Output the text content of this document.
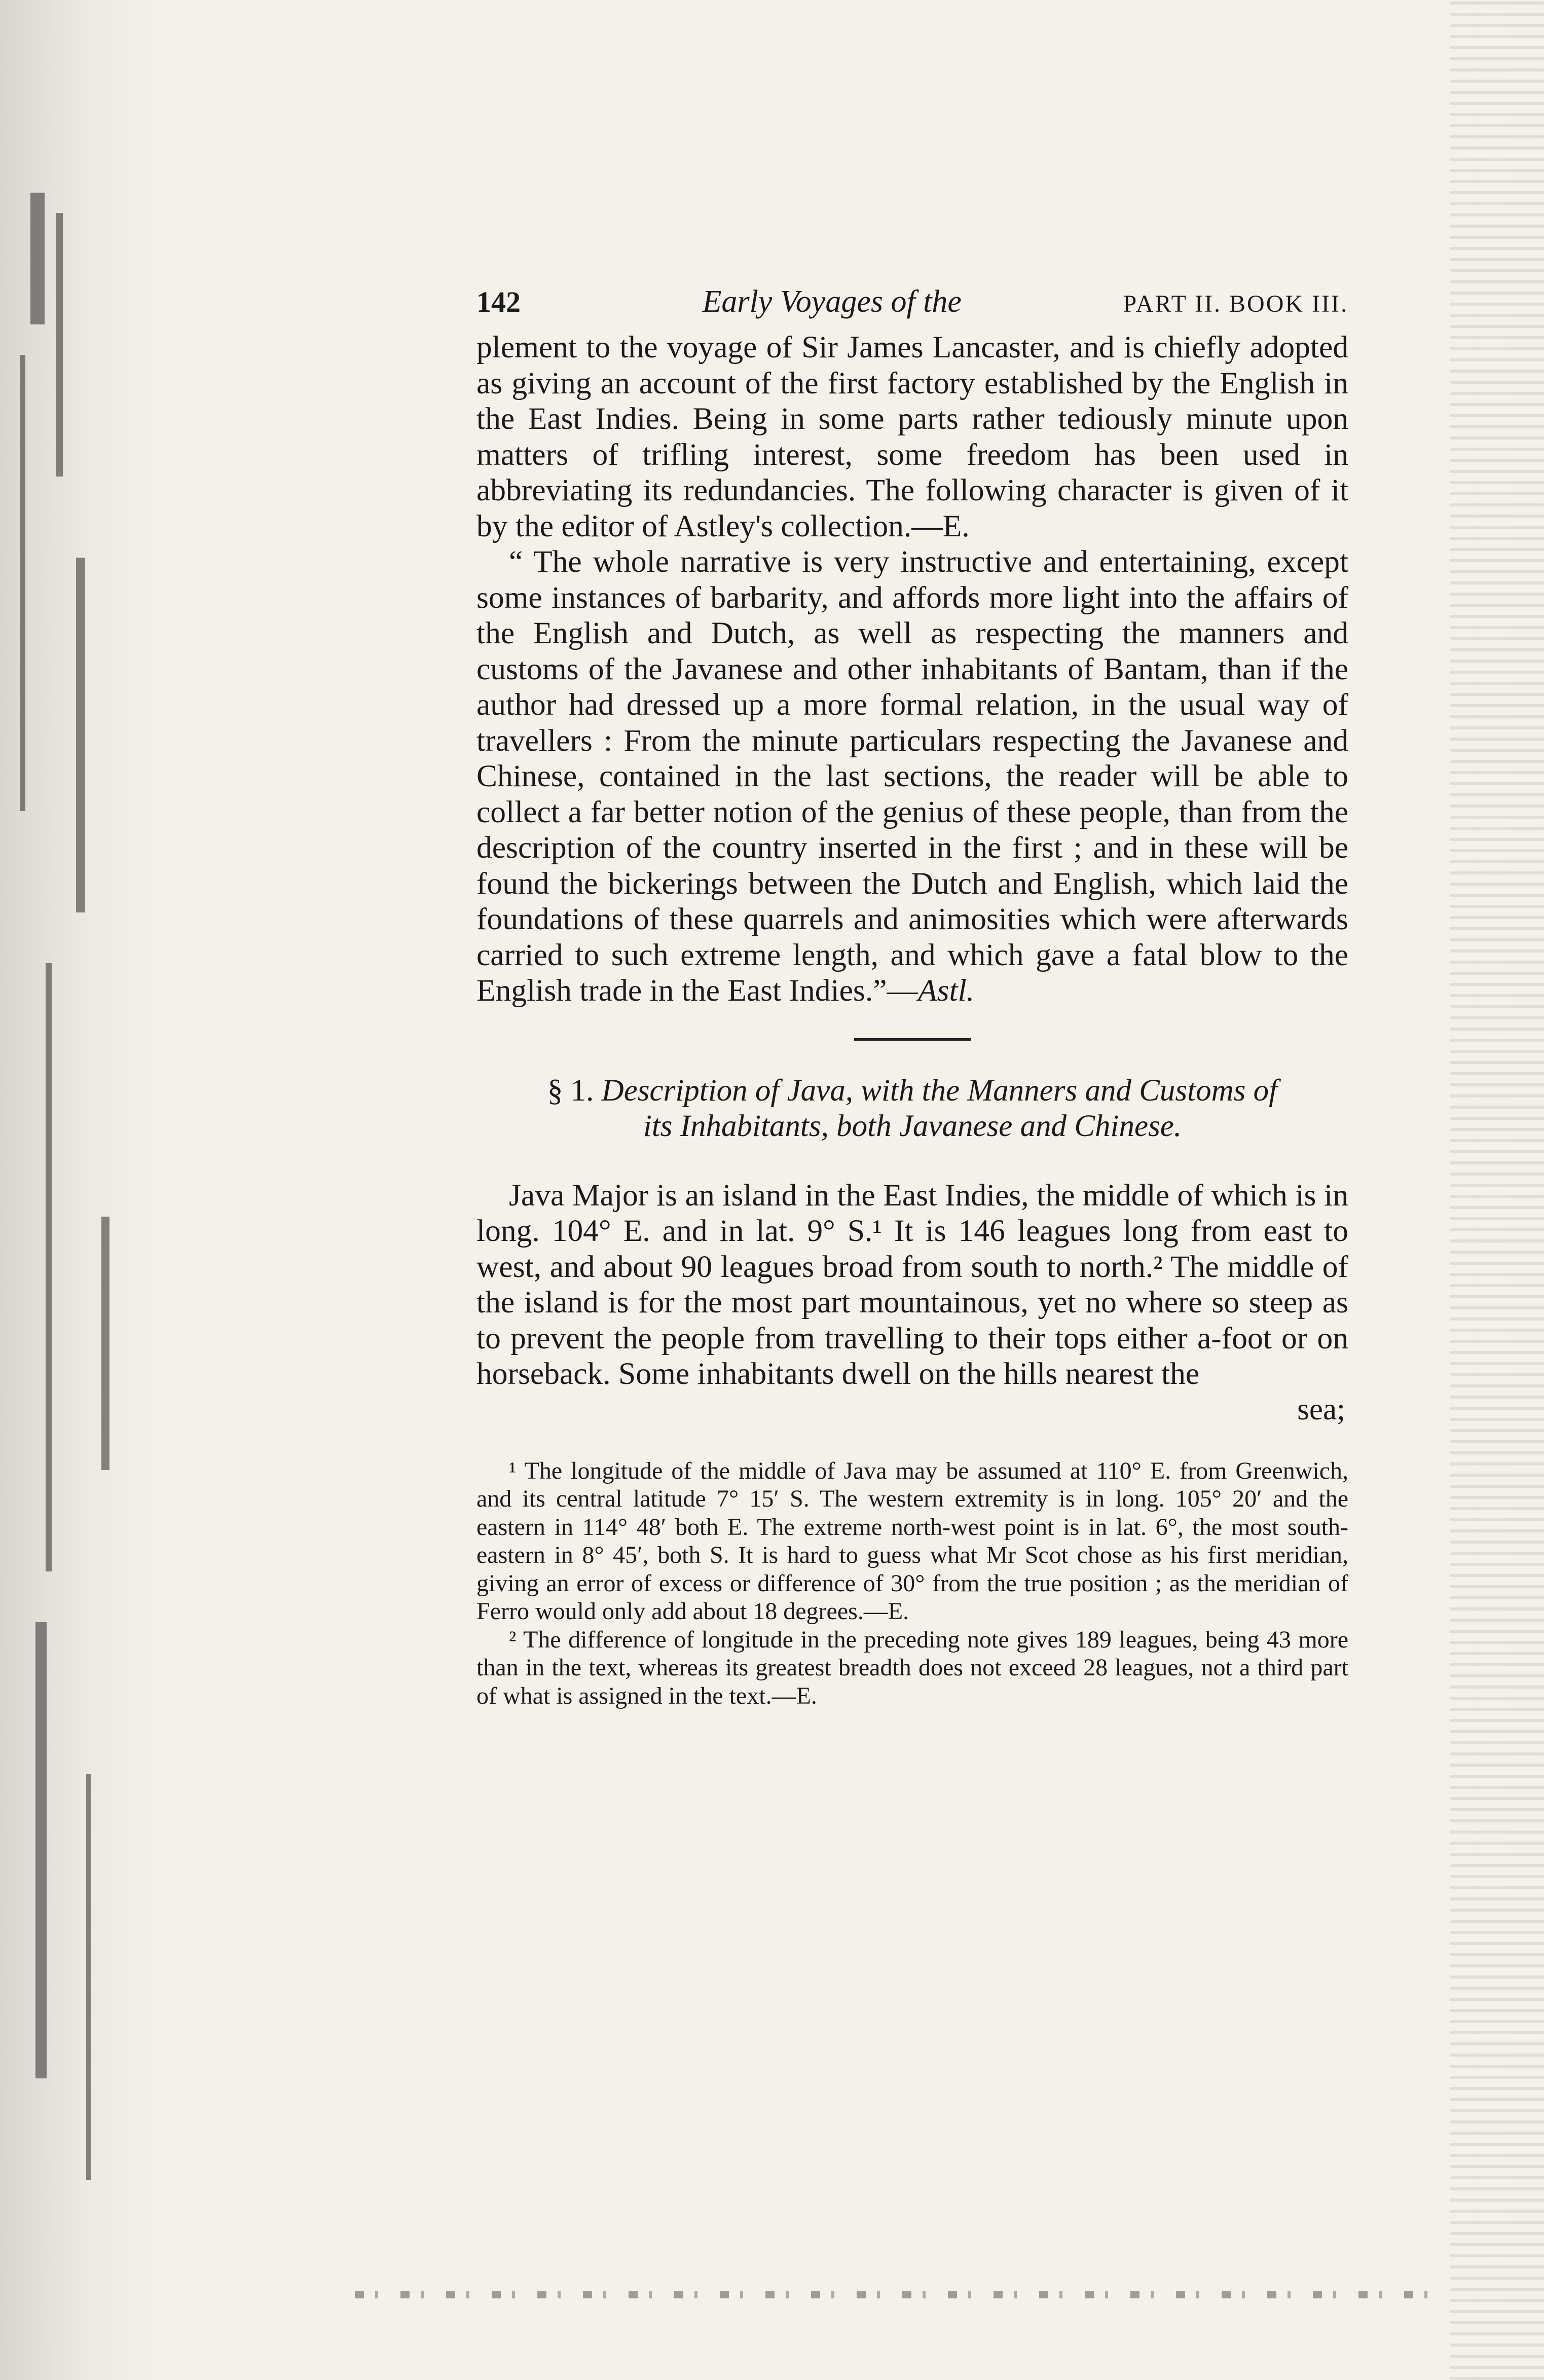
142	Early Voyages of the	PART II. BOOK III.

plement to the voyage of Sir James Lancaster, and is chiefly adopted as giving an account of the first factory established by the English in the East Indies. Being in some parts rather tediously minute upon matters of trifling interest, some freedom has been used in abbreviating its redundancies. The following character is given of it by the editor of Astley's collection.—E.

“ The whole narrative is very instructive and entertaining, except some instances of barbarity, and affords more light into the affairs of the English and Dutch, as well as respecting the manners and customs of the Javanese and other inhabitants of Bantam, than if the author had dressed up a more formal relation, in the usual way of travellers : From the minute particulars respecting the Javanese and Chinese, contained in the last sections, the reader will be able to collect a far better notion of the genius of these people, than from the description of the country inserted in the first ; and in these will be found the bickerings between the Dutch and English, which laid the foundations of these quarrels and animosities which were afterwards carried to such extreme length, and which gave a fatal blow to the English trade in the East Indies.”—Astl.

§ 1. Description of Java, with the Manners and Customs of
its Inhabitants, both Javanese and Chinese.

Java Major is an island in the East Indies, the middle of which is in long. 104° E. and in lat. 9° S.¹ It is 146 leagues long from east to west, and about 90 leagues broad from south to north.² The middle of the island is for the most part mountainous, yet no where so steep as to prevent the people from travelling to their tops either a-foot or on horseback. Some inhabitants dwell on the hills nearest the

sea;

¹ The longitude of the middle of Java may be assumed at 110° E. from Greenwich, and its central latitude 7° 15′ S. The western extremity is in long. 105° 20′ and the eastern in 114° 48′ both E. The extreme north-west point is in lat. 6°, the most south-eastern in 8° 45′, both S. It is hard to guess what Mr Scot chose as his first meridian, giving an error of excess or difference of 30° from the true position ; as the meridian of Ferro would only add about 18 degrees.—E.

² The difference of longitude in the preceding note gives 189 leagues, being 43 more than in the text, whereas its greatest breadth does not exceed 28 leagues, not a third part of what is assigned in the text.—E.
